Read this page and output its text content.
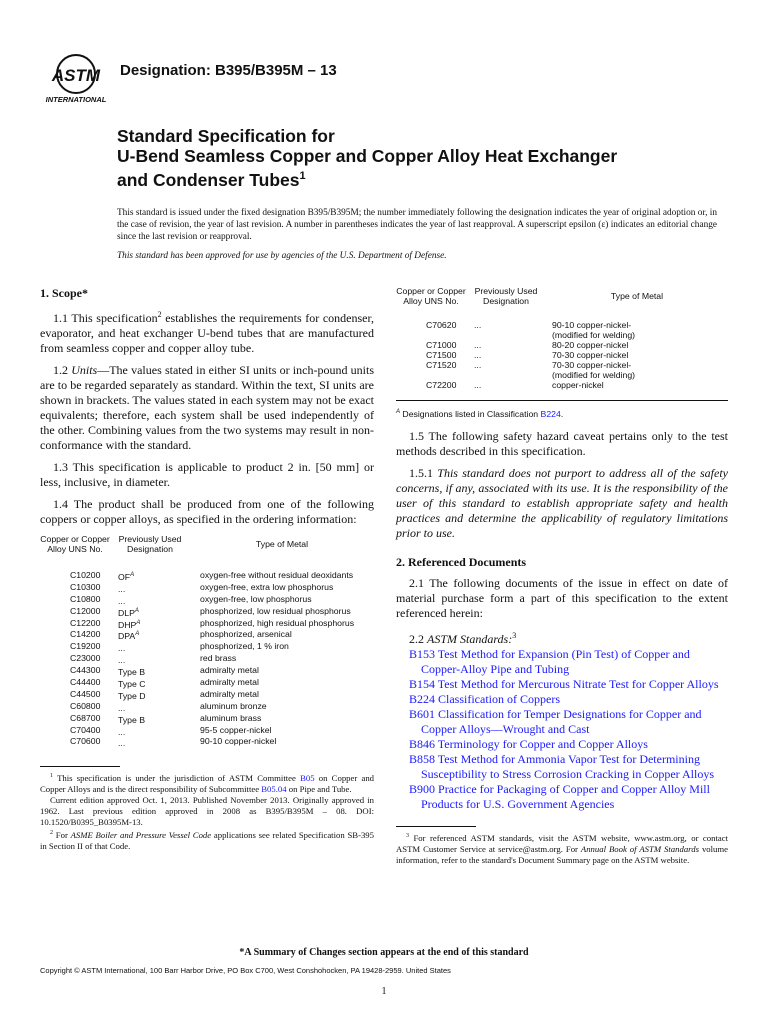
ASTM
INTERNATIONAL
Designation: B395/B395M – 13
Standard Specification for
U-Bend Seamless Copper and Copper Alloy Heat Exchanger
and Condenser Tubes$^1$
This standard is issued under the fixed designation B395/B395M; the number immediately following the designation indicates the year of original adoption or, in the case of revision, the year of last revision. A number in parentheses indicates the year of last reapproval. A superscript epsilon (ε) indicates an editorial change since the last revision or reapproval.
This standard has been approved for use by agencies of the U.S. Department of Defense.
1. Scope*

1.1 This specification$^2$ establishes the requirements for condenser, evaporator, and heat exchanger U-bend tubes that are manufactured from seamless copper and copper alloy tube.

1.2 Units—The values stated in either SI units or inch-pound units are to be regarded separately as standard. Within the text, SI units are shown in brackets. The values stated in each system may not be exact equivalents; therefore, each system shall be used independently of the other. Combining values from the two systems may result in non-conformance with the standard.

1.3 This specification is applicable to product 2 in. [50 mm] or less, inclusive, in diameter.

1.4 The product shall be produced from one of the following coppers or copper alloys, as specified in the ordering information:

Copper or Copper Alloy UNS No.
Previously Used Designation	Type of Metal
C10200	$OF^A$	oxygen-free without residual deoxidants
C10300	...	oxygen-free, extra low phosphorus
C10800	...	oxygen-free, low phosphorus
C12000	$DLP^A$	phosphorized, low residual phosphorus
C12200	$DHP^A$	phosphorized, high residual phosphorus
C14200	$DPA^A$	phosphorized, arsenical
C19200	...	phosphorized, 1 % iron
C23000	...	red brass
C44300	Type B	admiralty metal
C44400	Type C	admiralty metal
C44500	Type D	admiralty metal
C60800	...	aluminum bronze
C68700	Type B	aluminum brass
C70400	...	95-5 copper-nickel
C70600	...	90-10 copper-nickel
$^1$ This specification is under the jurisdiction of ASTM Committee B05 on Copper and Copper Alloys and is the direct responsibility of Subcommittee B05.04 on Pipe and Tube.
Current edition approved Oct. 1, 2013. Published November 2013. Originally approved in 1962. Last previous edition approved in 2008 as B395/B395M – 08. DOI: 10.1520/B0395_B0395M-13.
$^2$ For ASME Boiler and Pressure Vessel Code applications see related Specification SB-395 in Section II of that Code.
Copper or Copper Alloy UNS No.
Previously Used Designation	Type of Metal
C70620	...	90-10 copper-nickel-(modified for welding)
C71000	...	80-20 copper-nickel
C71500	...	70-30 copper-nickel
C71520	...	70-30 copper-nickel-(modified for welding)
C72200	...	copper-nickel
$^A$ Designations listed in Classification B224.

1.5 The following safety hazard caveat pertains only to the test methods described in this specification.

1.5.1 This standard does not purport to address all of the safety concerns, if any, associated with its use. It is the responsibility of the user of this standard to establish appropriate safety and health practices and determine the applicability of regulatory limitations prior to use.

2. Referenced Documents

2.1 The following documents of the issue in effect on date of material purchase form a part of this specification to the extent referenced herein:

2.2 ASTM Standards:$^3$

B153 Test Method for Expansion (Pin Test) of Copper and Copper-Alloy Pipe and Tubing
B154 Test Method for Mercurous Nitrate Test for Copper Alloys
B224 Classification of Coppers
B601 Classification for Temper Designations for Copper and Copper Alloys—Wrought and Cast
B846 Terminology for Copper and Copper Alloys
B858 Test Method for Ammonia Vapor Test for Determining Susceptibility to Stress Corrosion Cracking in Copper Alloys
B900 Practice for Packaging of Copper and Copper Alloy Mill Products for U.S. Government Agencies
$^3$ For referenced ASTM standards, visit the ASTM website, www.astm.org, or contact ASTM Customer Service at service@astm.org. For Annual Book of ASTM Standards volume information, refer to the standard's Document Summary page on the ASTM website.
*A Summary of Changes section appears at the end of this standard
Copyright © ASTM International, 100 Barr Harbor Drive, PO Box C700, West Conshohocken, PA 19428-2959. United States
1
